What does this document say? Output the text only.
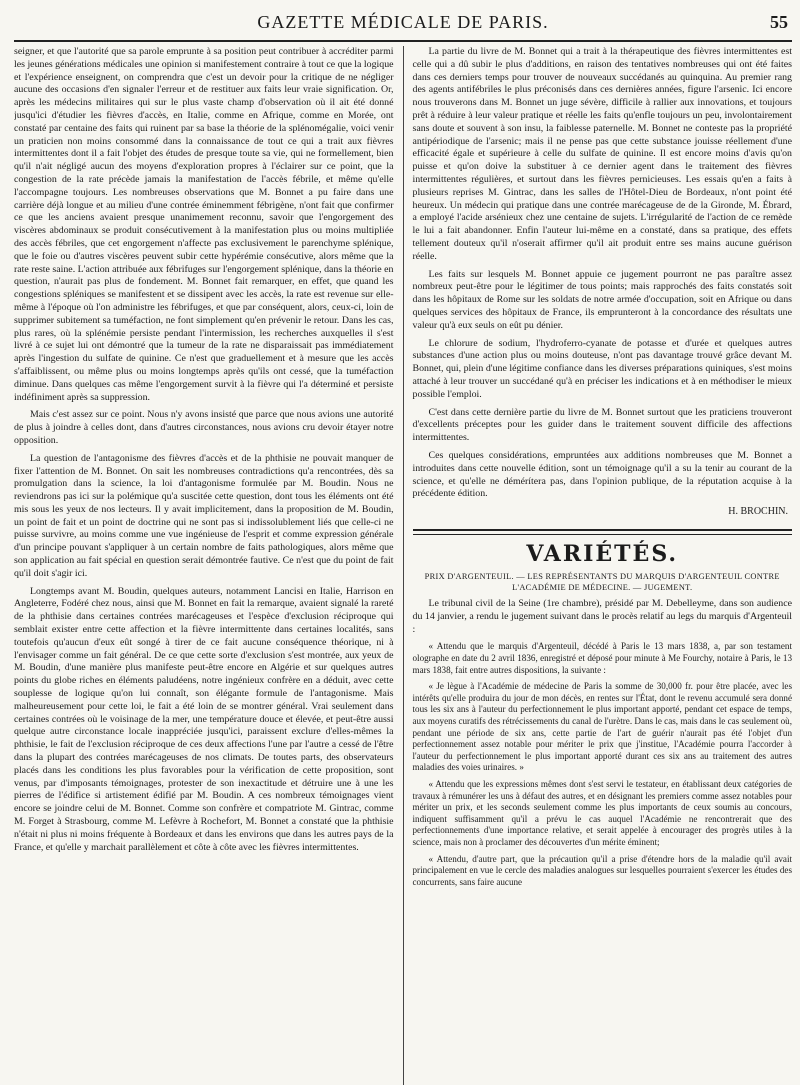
GAZETTE MÉDICALE DE PARIS.	55

seigner, et que l'autorité que sa parole emprunte à sa position peut contribuer à accréditer parmi les jeunes générations médicales une opinion si manifestement contraire à tout ce que la logique et l'expérience enseignent, on comprendra que c'est un devoir pour la critique de ne négliger aucune des occasions d'en signaler l'erreur et de restituer aux faits leur vraie signification. Or, après les médecins militaires qui sur le plus vaste champ d'observation où il ait été donné jusqu'ici d'étudier les fièvres d'accès, en Italie, comme en Afrique, comme en Morée, ont constaté par centaine des faits qui ruinent par sa base la théorie de la splénomégalie, voici venir un praticien non moins consommé dans la connaissance de tout ce qui a trait aux fièvres intermittentes dont il a fait l'objet des études de presque toute sa vie, qui ne formellement, bien qu'il n'ait négligé aucun des moyens d'exploration propres à l'éclairer sur ce point, que la congestion de la rate précède jamais la manifestation de l'accès fébrile, et même qu'elle l'accompagne toujours. Les nombreuses observations que M. Bonnet a pu faire dans une carrière déjà longue et au milieu d'une contrée éminemment fébrigène, n'ont fait que confirmer ce que les anciens avaient presque unanimement reconnu, savoir que l'engorgement des viscères abdominaux se produit consécutivement à la manifestation plus ou moins multipliée des accès fébriles, que cet engorgement n'affecte pas exclusivement le parenchyme splénique, que le foie ou d'autres viscères peuvent subir cette hypérémie consécutive, alors même que la rate reste saine. L'action attribuée aux fébrifuges sur l'engorgement splénique, dans la théorie en question, n'aurait pas plus de fondement. M. Bonnet fait remarquer, en effet, que quand les congestions spléniques se manifestent et se dissipent avec les accès, la rate est revenue sur elle-même à l'époque où l'on administre les fébrifuges, et que par conséquent, alors, ceux-ci, loin de supprimer subitement sa tuméfaction, ne font simplement qu'en prévenir le retour. Dans les cas, plus rares, où la splénémie persiste pendant l'intermission, les recherches auxquelles il s'est livré à ce sujet lui ont démontré que la tumeur de la rate ne disparaissait pas immédiatement après l'ingestion du sulfate de quinine. Ce n'est que graduellement et à mesure que les accès s'affaiblissent, ou même plus ou moins longtemps après qu'ils ont cessé, que la tuméfaction diminue. Dans quelques cas même l'engorgement survit à la fièvre qui l'a déterminé et persiste indéfiniment après sa suppression.

Mais c'est assez sur ce point. Nous n'y avons insisté que parce que nous avions une autorité de plus à joindre à celles dont, dans d'autres circonstances, nous avions cru devoir étayer notre opposition.

La question de l'antagonisme des fièvres d'accès et de la phthisie ne pouvait manquer de fixer l'attention de M. Bonnet. On sait les nombreuses contradictions qu'a rencontrées, dès sa promulgation dans la science, la loi d'antagonisme formulée par M. Boudin. Nous ne reviendrons pas ici sur la polémique qu'a suscitée cette question, dont tous les éléments ont été mis sous les yeux de nos lecteurs. Il y avait implicitement, dans la proposition de M. Boudin, un point de fait et un point de doctrine qui ne sont pas si indissolublement liés que celle-ci ne puisse survivre, au moins comme une vue ingénieuse de l'esprit et comme expression générale d'un principe pouvant s'appliquer à un certain nombre de faits pathologiques, alors même que son application au fait spécial en question serait démontrée fautive. Ce n'est que du point de fait qu'il doit s'agir ici.

Longtemps avant M. Boudin, quelques auteurs, notamment Lancisi en Italie, Harrison en Angleterre, Fodéré chez nous, ainsi que M. Bonnet en fait la remarque, avaient signalé la rareté de la phthisie dans certaines contrées marécageuses et l'espèce d'exclusion réciproque qui semblait exister entre cette affection et la fièvre intermittente dans certaines localités, sans toutefois qu'aucun d'eux eût songé à tirer de ce fait aucune conséquence théorique, ni à l'envisager comme un fait général. De ce que cette sorte d'exclusion s'est montrée, aux yeux de M. Boudin, d'une manière plus manifeste peut-être encore en Algérie et sur quelques autres points du globe riches en éléments paludéens, notre ingénieux confrère en a déduit, avec cette souplesse de logique qu'on lui connaît, son élégante formule de l'antagonisme. Mais malheureusement pour cette loi, le fait a été loin de se montrer général. Vrai seulement dans certaines contrées où le voisinage de la mer, une température douce et élevée, et peut-être aussi quelque autre circonstance locale inappréciée jusqu'ici, paraissent exclure d'elles-mêmes la phthisie, le fait de l'exclusion réciproque de ces deux affections l'une par l'autre a cessé de l'être dans la plupart des contrées marécageuses de nos climats. De toutes parts, des observateurs placés dans les conditions les plus favorables pour la vérification de cette proposition, sont venus, par d'imposants témoignages, protester de son inexactitude et détruire une à une les pierres de l'édifice si artistement édifié par M. Boudin. A ces nombreux témoignages vient encore se joindre celui de M. Bonnet. Comme son confrère et compatriote M. Gintrac, comme M. Forget à Strasbourg, comme M. Lefèvre à Rochefort, M. Bonnet a constaté que la phthisie n'était ni plus ni moins fréquente à Bordeaux et dans les environs que dans les autres pays de la France, et qu'elle y marchait parallèlement et côte à côte avec les fièvres intermittentes.

La partie du livre de M. Bonnet qui a trait à la thérapeutique des fièvres intermittentes est celle qui a dû subir le plus d'additions, en raison des tentatives nombreuses qui ont été faites dans ces derniers temps pour trouver de nouveaux succédanés au quinquina. Au premier rang des agents antifébriles le plus préconisés dans ces dernières années, figure l'arsenic. Ici encore nous trouverons dans M. Bonnet un juge sévère, difficile à rallier aux innovations, et toujours prêt à réduire à leur valeur pratique et réelle les faits qu'enfle toujours un peu, involontairement sans doute et souvent à son insu, la faiblesse paternelle. M. Bonnet ne conteste pas la propriété antipériodique de l'arsenic; mais il ne pense pas que cette substance jouisse réellement d'une efficacité égale et supérieure à celle du sulfate de quinine. Il est encore moins d'avis qu'on puisse et qu'on doive la substituer à ce dernier agent dans le traitement des fièvres intermittentes régulières, et surtout dans les fièvres pernicieuses. Les essais qu'en a faits à plusieurs reprises M. Gintrac, dans les salles de l'Hôtel-Dieu de Bordeaux, n'ont point été heureux. Un médecin qui pratique dans une contrée marécageuse de de la Gironde, M. Ébrard, a employé l'acide arsénieux chez une centaine de sujets. L'irrégularité de l'action de ce remède le lui a fait abandonner. Enfin l'auteur lui-même en a constaté, dans sa pratique, des effets tellement douteux qu'il n'oserait affirmer qu'il ait produit entre ses mains aucune guérison réelle.

Les faits sur lesquels M. Bonnet appuie ce jugement pourront ne pas paraître assez nombreux peut-être pour le légitimer de tous points; mais rapprochés des faits constatés soit dans les hôpitaux de Rome sur les soldats de notre armée d'occupation, soit en Afrique ou dans quelques services des hôpitaux de France, ils emprunteront à la concordance des résultats une valeur qu'à eux seuls on eût pu dénier.

Le chlorure de sodium, l'hydroferro-cyanate de potasse et d'urée et quelques autres substances d'une action plus ou moins douteuse, n'ont pas davantage trouvé grâce devant M. Bonnet, qui, plein d'une légitime confiance dans les diverses préparations quiniques, s'est moins attaché à leur trouver un succédané qu'à en préciser les indications et à en méthodiser le mieux possible l'emploi.

C'est dans cette dernière partie du livre de M. Bonnet surtout que les praticiens trouveront d'excellents préceptes pour les guider dans le traitement souvent difficile des affections intermittentes.

Ces quelques considérations, empruntées aux additions nombreuses que M. Bonnet a introduites dans cette nouvelle édition, sont un témoignage qu'il a su la tenir au courant de la science, et qu'elle ne démérítera pas, dans l'opinion publique, de la réputation acquise à la précédente édition.

H. BROCHIN.
VARIÉTÉS.
PRIX D'ARGENTEUIL. — LES REPRÉSENTANTS DU MARQUIS D'ARGENTEUIL CONTRE L'ACADÉMIE DE MÉDECINE. — JUGEMENT.

Le tribunal civil de la Seine (1re chambre), présidé par M. Debelleyme, dans son audience du 14 janvier, a rendu le jugement suivant dans le procès relatif au legs du marquis d'Argenteuil :

« Attendu que le marquis d'Argenteuil, décédé à Paris le 13 mars 1838, a, par son testament olographe en date du 2 avril 1836, enregistré et déposé pour minute à Me Fourchy, notaire à Paris, le 13 mars 1838, fait entre autres dispositions, la suivante :

« Je lègue à l'Académie de médecine de Paris la somme de 30,000 fr. pour être placée, avec les intérêts qu'elle produira du jour de mon décès, en rentes sur l'État, dont le revenu accumulé sera donné tous les six ans à l'auteur du perfectionnement le plus important apporté, pendant cet espace de temps, aux moyens curatifs des rétrécissements du canal de l'urètre. Dans le cas, mais dans le cas seulement où, pendant une période de six ans, cette partie de l'art de guérir n'aurait pas été l'objet d'un perfectionnement assez notable pour mériter le prix que j'institue, l'Académie pourra l'accorder à l'auteur du perfectionnement le plus important apporté durant ces six ans au traitement des autres maladies des voies urinaires. »

« Attendu que les expressions mêmes dont s'est servi le testateur, en établissant deux catégories de travaux à rémunérer les uns à défaut des autres, et en désignant les premiers comme assez notables pour mériter un prix, et les seconds seulement comme les plus importants de ceux soumis au concours, indiquent suffisamment qu'il a prévu le cas auquel l'Académie ne rencontrerait que des perfectionnements d'une importance relative, et serait appelée à encourager des progrès utiles à la science, mais non à proclamer des découvertes d'un mérite éminent;

« Attendu, d'autre part, que la précaution qu'il a prise d'étendre hors de la maladie qu'il avait principalement en vue le cercle des maladies analogues sur lesquelles pourraient s'exercer les études des concurrents, sans faire aucune
